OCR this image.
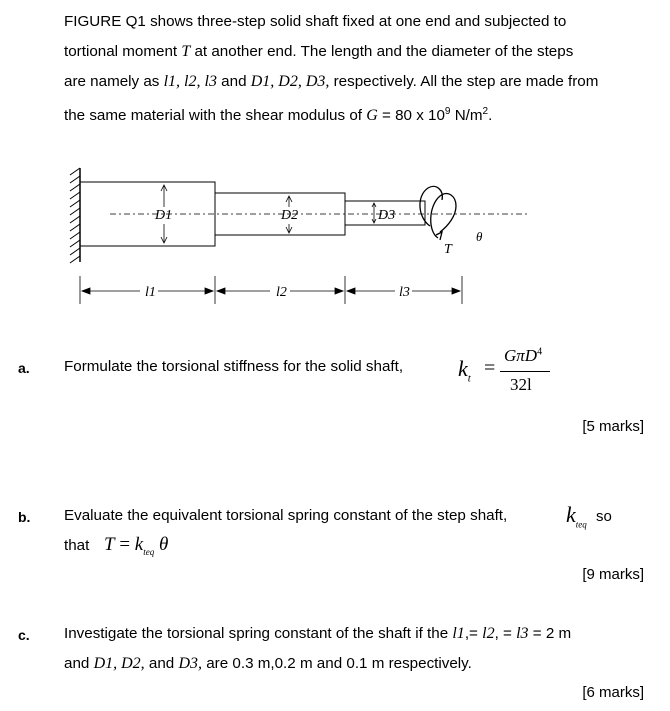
FIGURE Q1 shows three-step solid shaft fixed at one end and subjected to
tortional moment T at another end. The length and the diameter of the steps
are namely as l1, l2, l3 and D1, D2, D3, respectively. All the step are made from
the same material with the shear modulus of G = 80 x $10^9$ $N/m^2$.
D1	D2	D3
T
θ
l1	l2	l3
a. Formulate the torsional stiffness for the solid shaft, $k_t$ =
GπD$^4$
32l
[5 marks]
b. Evaluate the equivalent torsional spring constant of the step shaft,	$k_{teq}$ so
that $T = k_{teq}$ θ
[9 marks]
c. Investigate the torsional spring constant of the shaft if the l1,= l2, = l3 = 2 m
and D1, D2, and D3, are 0.3 m,0.2 m and 0.1 m respectively.
[6 marks]
